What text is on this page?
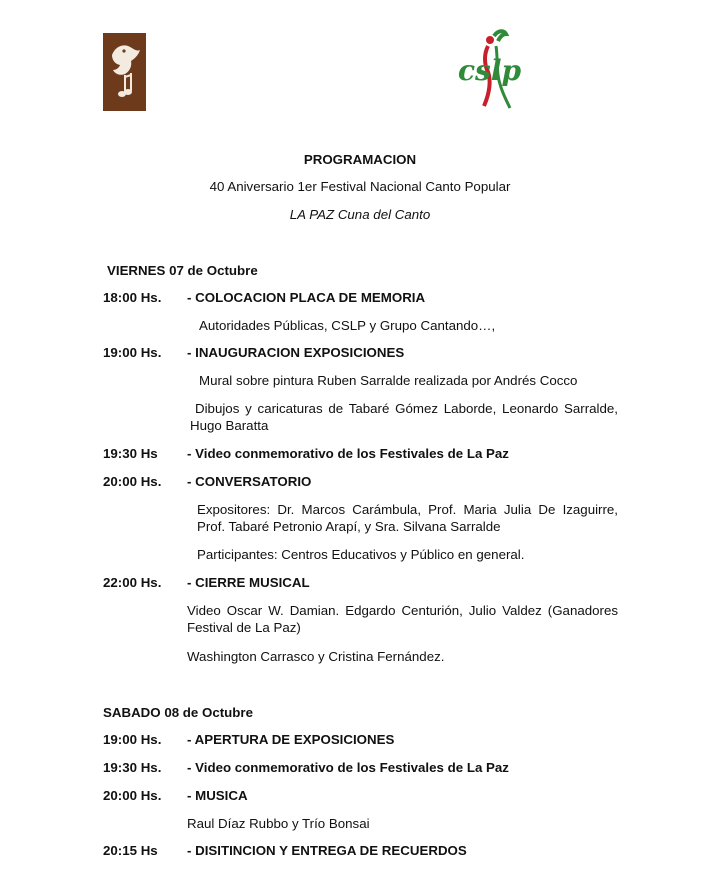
cslp
PROGRAMACION
40 Aniversario 1er Festival Nacional Canto Popular
LA PAZ Cuna del Canto
VIERNES 07 de Octubre
18:00 Hs. - COLOCACION PLACA DE MEMORIA
Autoridades Públicas, CSLP y Grupo Cantando…,
19:00 Hs. - INAUGURACION EXPOSICIONES
Mural sobre pintura Ruben Sarralde realizada por Andrés Cocco
Dibujos y caricaturas de Tabaré Gómez Laborde, Leonardo Sarralde, Hugo Baratta
19:30 Hs - Video conmemorativo de los Festivales de La Paz
20:00 Hs. - CONVERSATORIO
Expositores: Dr. Marcos Carámbula, Prof. Maria Julia De Izaguirre, Prof. Tabaré Petronio Arapí, y Sra. Silvana Sarralde
Participantes: Centros Educativos y Público en general.
22:00 Hs. - CIERRE MUSICAL
Video Oscar W. Damian. Edgardo Centurión, Julio Valdez (Ganadores Festival de La Paz)
Washington Carrasco y Cristina Fernández.
SABADO 08 de Octubre
19:00 Hs. - APERTURA DE EXPOSICIONES
19:30 Hs. - Video conmemorativo de los Festivales de La Paz
20:00 Hs. - MUSICA
Raul Díaz Rubbo y Trío Bonsai
20:15 Hs - DISITINCION Y ENTREGA DE RECUERDOS
